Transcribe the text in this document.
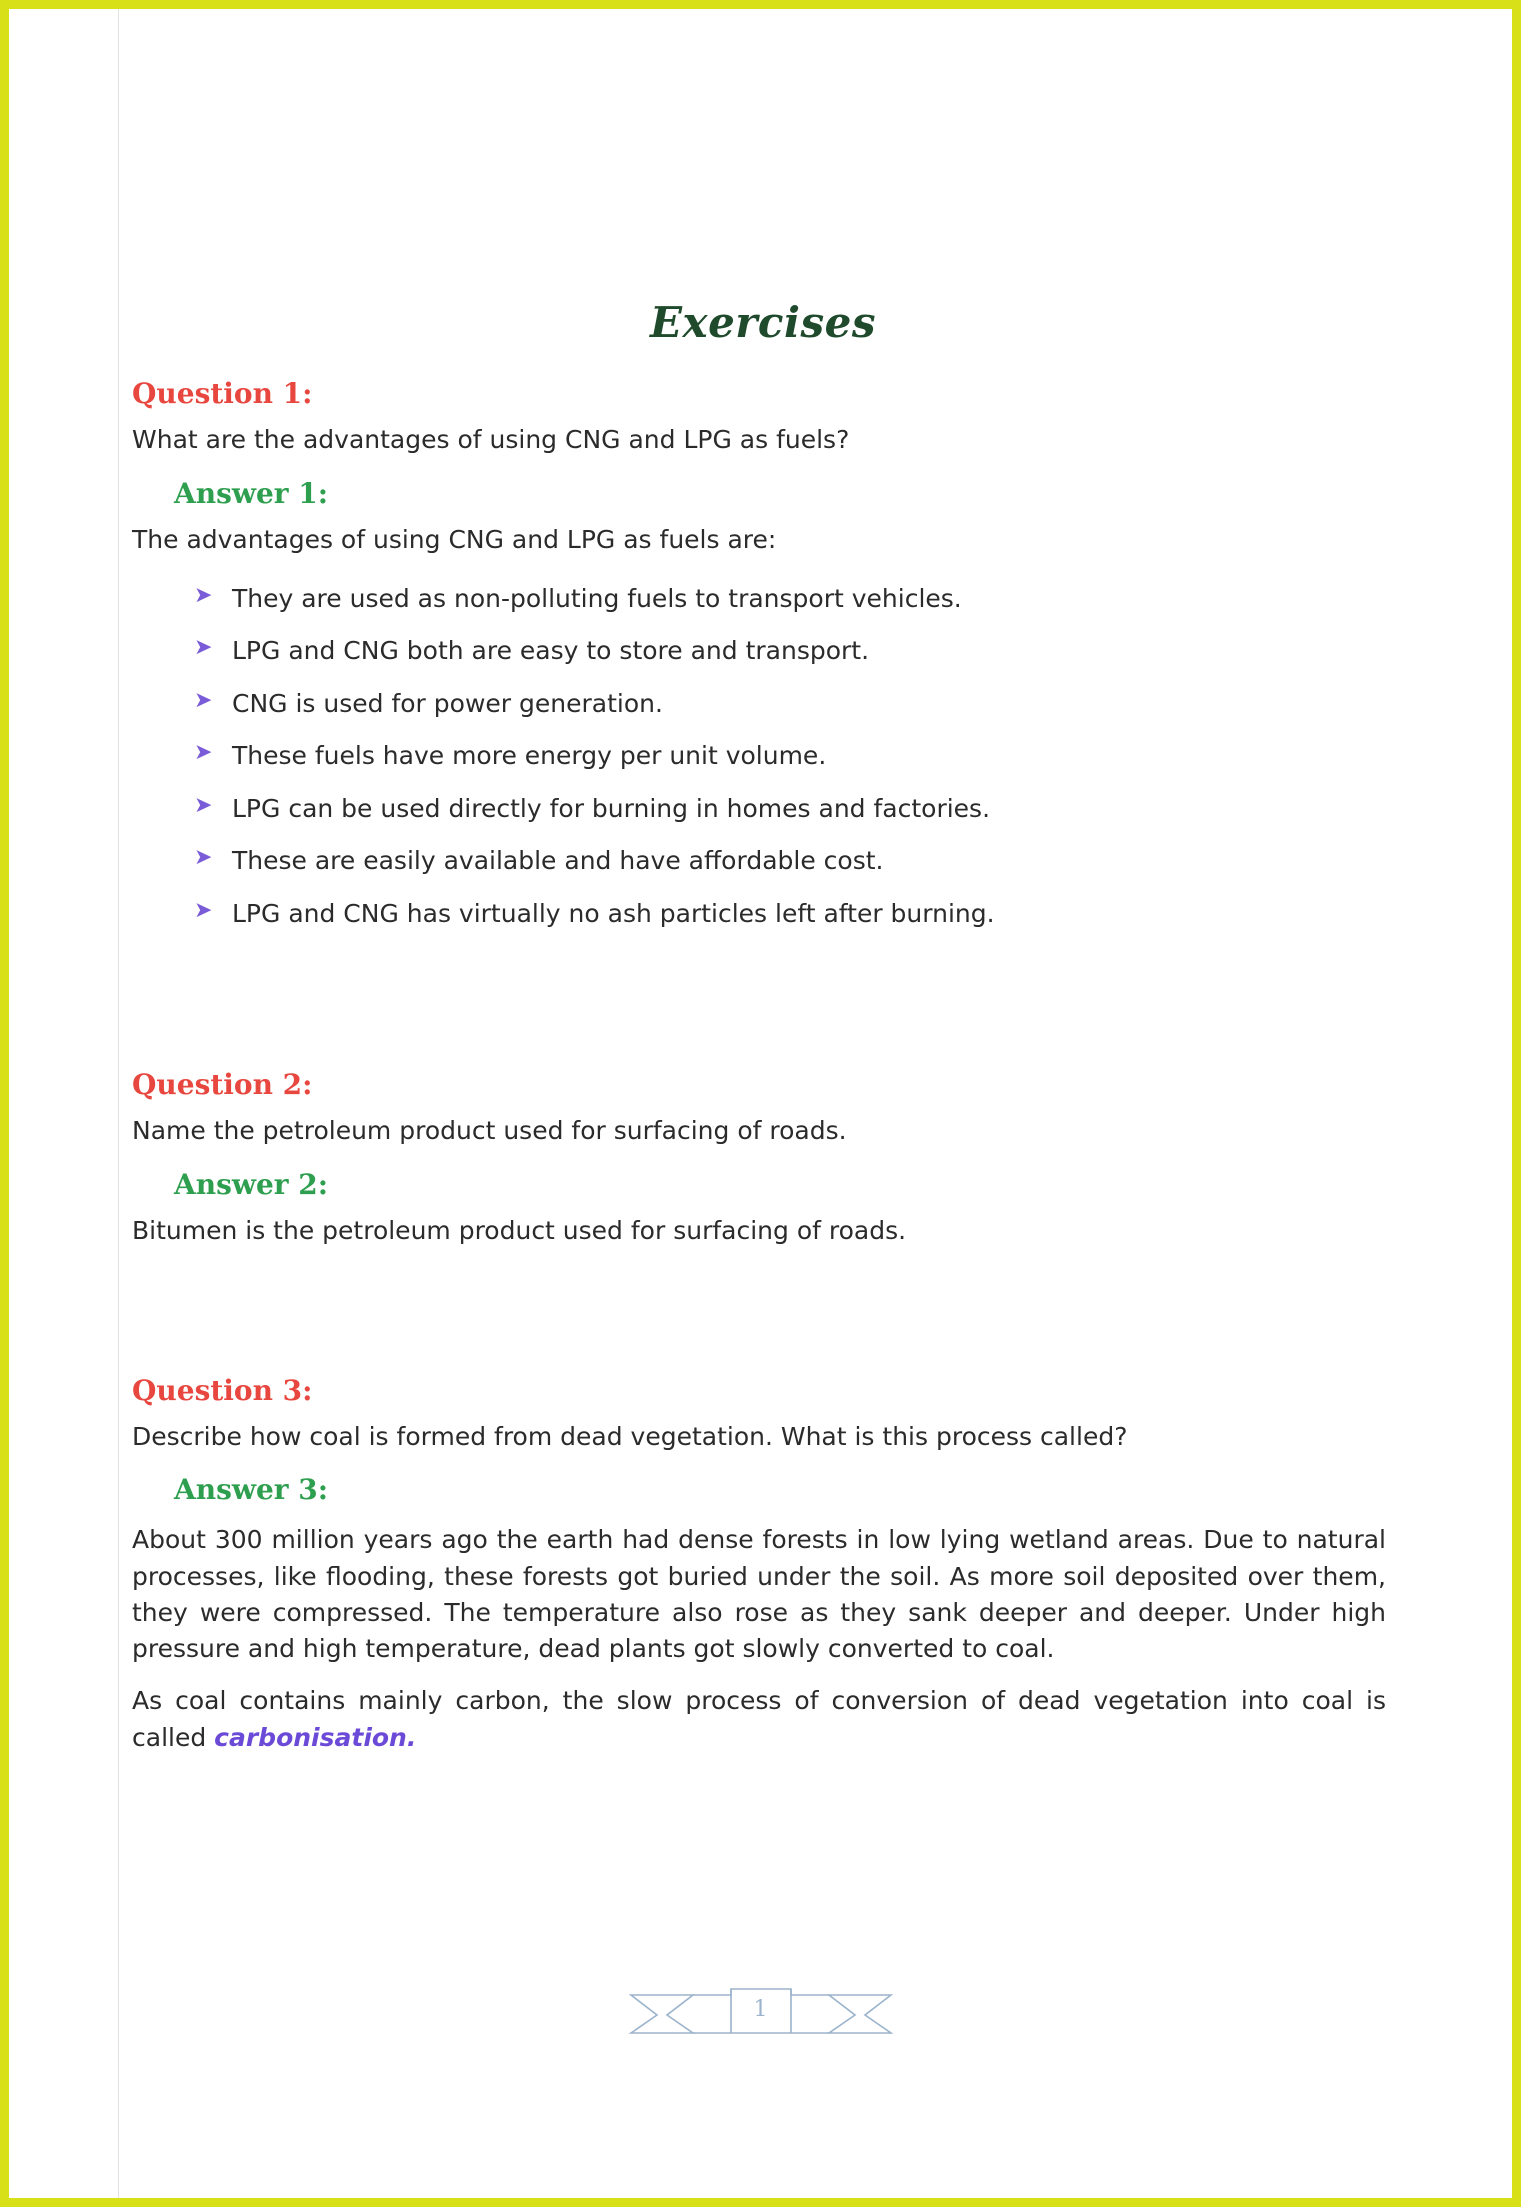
Exercises
Question 1:

What are the advantages of using CNG and LPG as fuels?

Answer 1:

The advantages of using CNG and LPG as fuels are:

➤ They are used as non-polluting fuels to transport vehicles.
➤ LPG and CNG both are easy to store and transport.
➤ CNG is used for power generation.
➤ These fuels have more energy per unit volume.
➤ LPG can be used directly for burning in homes and factories.
➤ These are easily available and have affordable cost.
➤ LPG and CNG has virtually no ash particles left after burning.
Question 2:

Name the petroleum product used for surfacing of roads.

Answer 2:

Bitumen is the petroleum product used for surfacing of roads.

Question 3:

Describe how coal is formed from dead vegetation. What is this process called?

Answer 3:

About 300 million years ago the earth had dense forests in low lying wetland areas. Due to natural processes, like flooding, these forests got buried under the soil. As more soil deposited over them, they were compressed. The temperature also rose as they sank deeper and deeper. Under high pressure and high temperature, dead plants got slowly converted to coal.

As coal contains mainly carbon, the slow process of conversion of dead vegetation into coal is called carbonisation.

1
